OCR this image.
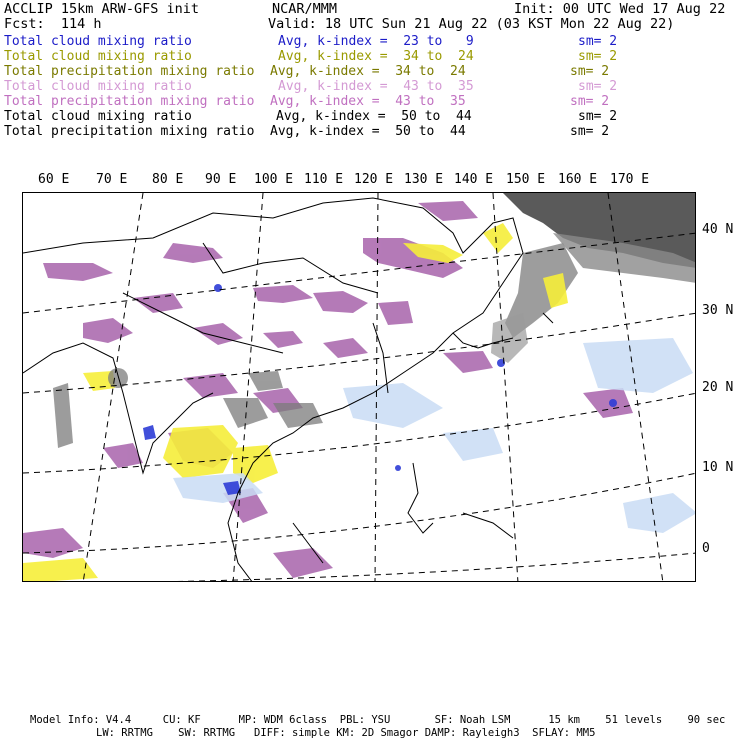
ACCLIP 15km ARW-GFS init	NCAR/MMM	Init: 00 UTC Wed 17 Aug 22
Fcst:  114 h	Valid: 18 UTC Sun 21 Aug 22 (03 KST Mon 22 Aug 22)
Total cloud mixing ratio	Avg, k-index =  23 to   9	sm= 2
Total cloud mixing ratio	Avg, k-index =  34 to  24	sm= 2
Total precipitation mixing ratio Avg, k-index =  34 to  24	sm= 2
Total cloud mixing ratio	Avg, k-index =  43 to  35	sm= 2
Total precipitation mixing ratio Avg, k-index =  43 to  35	sm= 2
Total cloud mixing ratio	Avg, k-index =  50 to  44	sm= 2
Total precipitation mixing ratio Avg, k-index =  50 to  44	sm= 2
60 E 70 E 80 E 90 E 100 E 110 E 120 E 130 E 140 E 150 E 160 E 170 E
40 N
30 N
20 N
10 N
0
Model Info: V4.4     CU: KF      MP: WDM 6class  PBL: YSU       SF: Noah LSM      15 km    51 levels    90 sec
LW: RRTMG    SW: RRTMG   DIFF: simple KM: 2D Smagor DAMP: Rayleigh3  SFLAY: MM5
